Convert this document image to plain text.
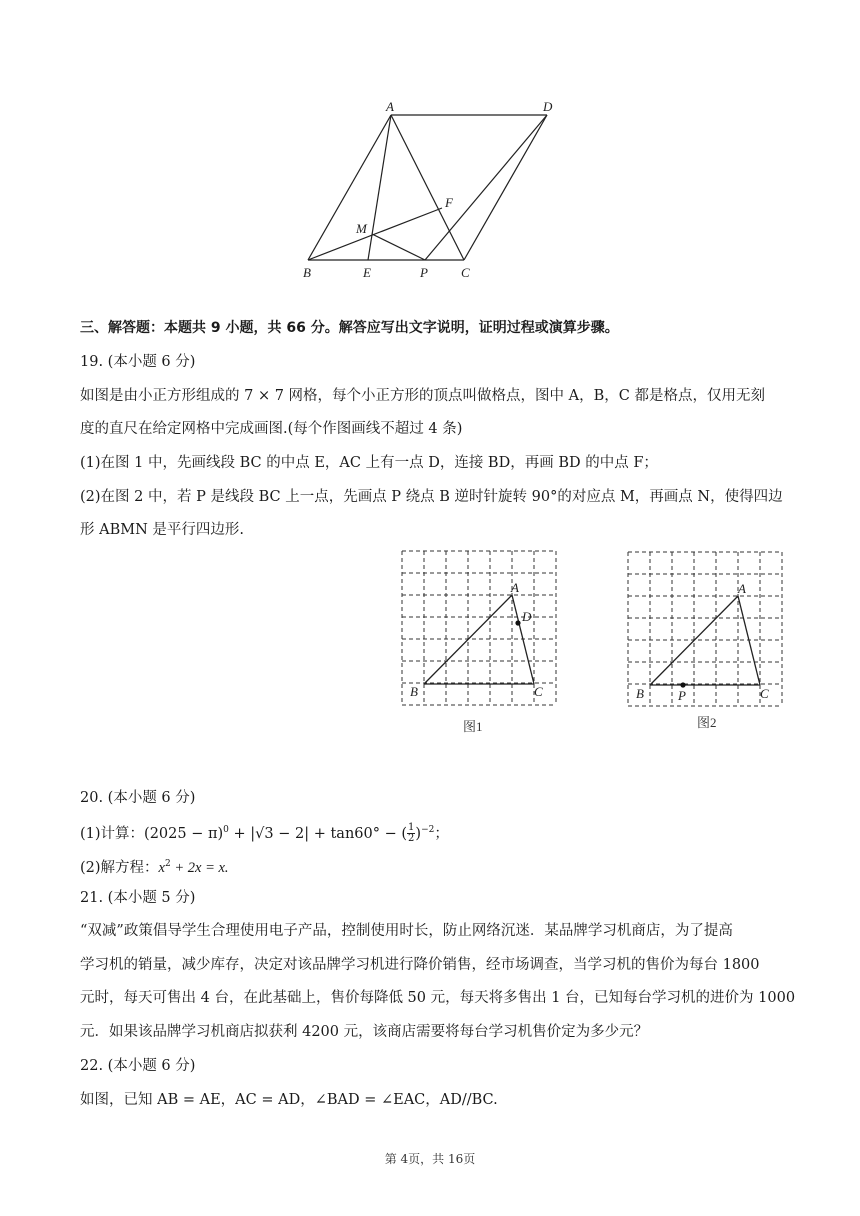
A	D
F
M
B	E	P	C
三、解答题：本题共 9 小题，共 66 分。解答应写出文字说明，证明过程或演算步骤。
19. (本小题 6 分)
如图是由小正方形组成的 7 × 7 网格，每个小正方形的顶点叫做格点，图中 A，B，C 都是格点，仅用无刻
度的直尺在给定网格中完成画图.(每个作图画线不超过 4 条)
(1)在图 1 中，先画线段 BC 的中点 E，AC 上有一点 D，连接 BD，再画 BD 的中点 F；
(2)在图 2 中，若 P 是线段 BC 上一点，先画点 P 绕点 B 逆时针旋转 90°的对应点 M，再画点 N，使得四边
形 ABMN 是平行四边形.
A
D
B	C
图1
A
B	P	C
图2
20. (本小题 6 分)
(1)计算：$(2025 - \pi)^0 + |√3 - 2| + \tan 60^\circ$ − ( $\frac{1}{2} )^{-2}$；
(2)解方程：$x^2 + 2x = x$.
21. (本小题 5 分)
“双减”政策倡导学生合理使用电子产品，控制使用时长，防止网络沉迷．某品牌学习机商店，为了提高
学习机的销量，减少库存，决定对该品牌学习机进行降价销售，经市场调查，当学习机的售价为每台 1800
元时，每天可售出 4 台，在此基础上，售价每降低 50 元，每天将多售出 1 台，已知每台学习机的进价为 1000
元．如果该品牌学习机商店拟获利 4200 元，该商店需要将每台学习机售价定为多少元？
22. (本小题 6 分)
如图，已知 AB = AE，AC = AD，∠BAD = ∠EAC，AD//BC.
第 4页，共 16页
